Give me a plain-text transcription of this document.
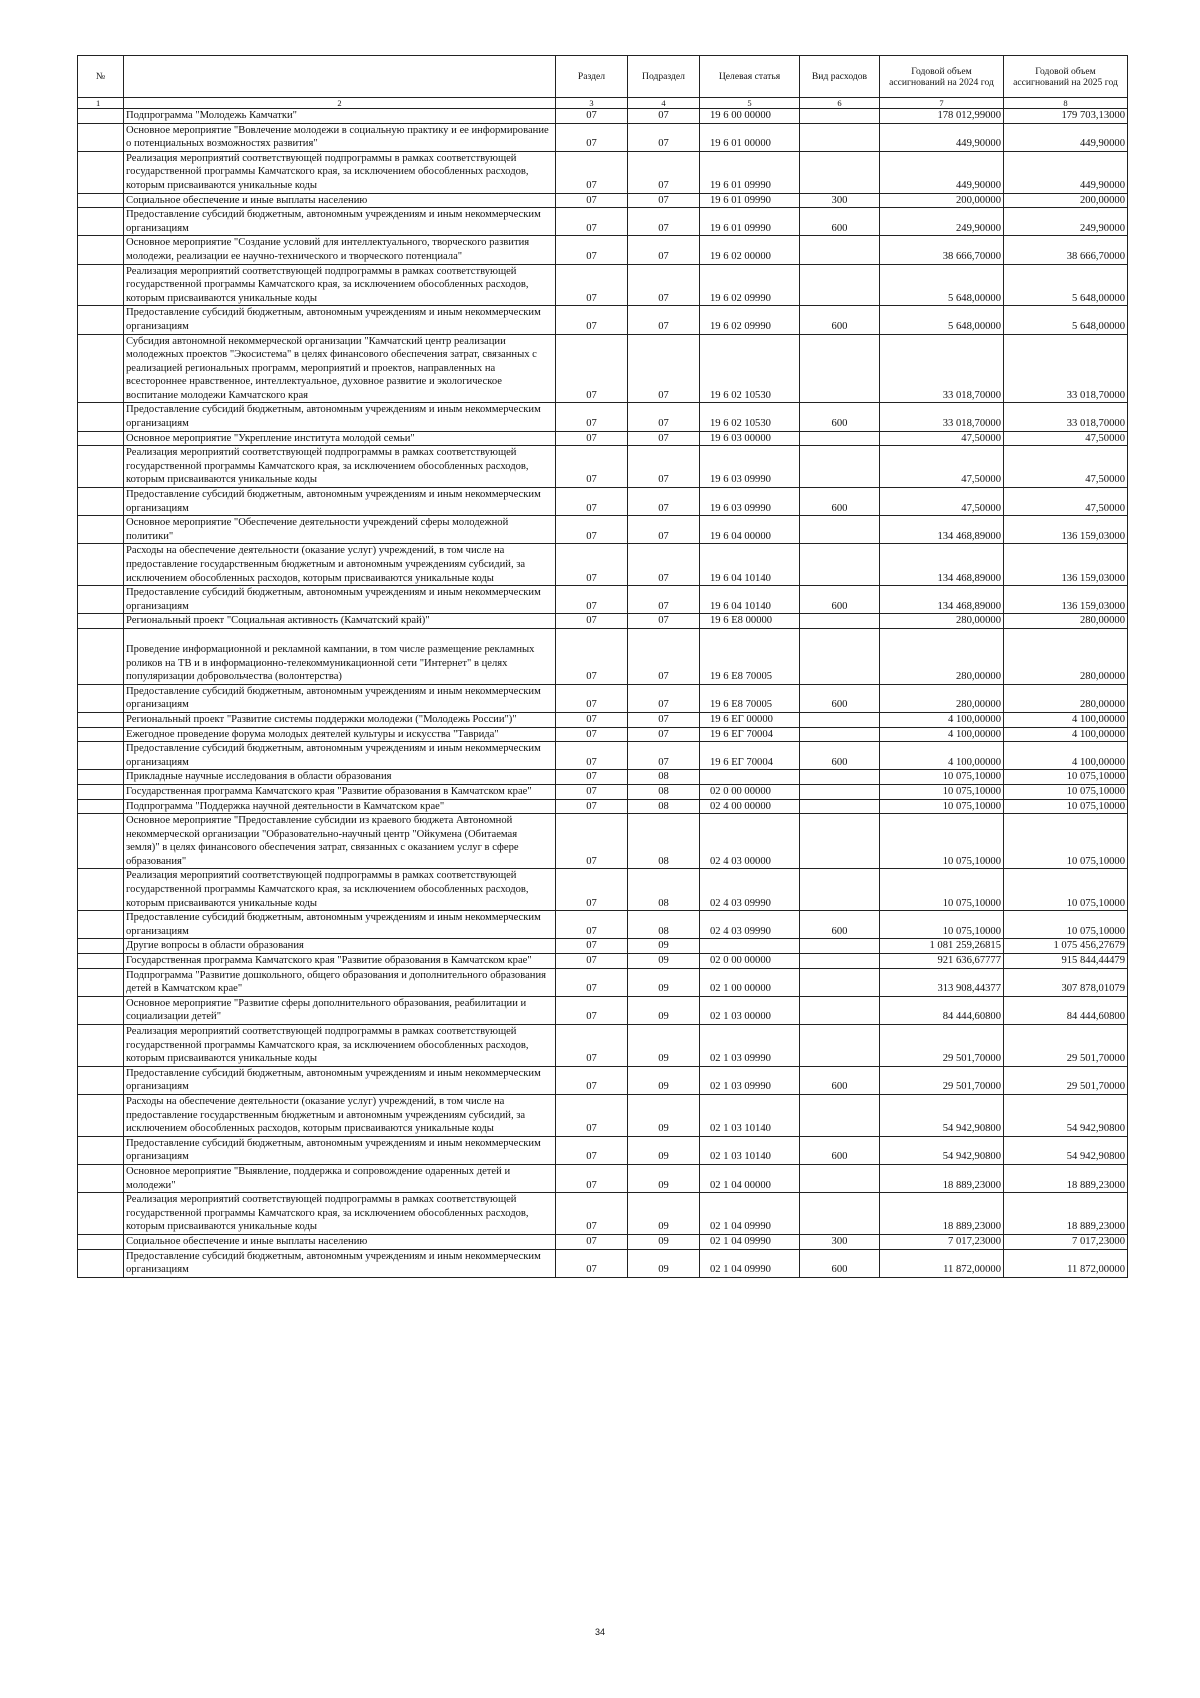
№		Раздел	Подраздел	Целевая статья	Вид расходов	Годовой объем ассигнований на 2024 год	Годовой объем ассигнований на 2025 год
1	2	3	4	5	6	7	8
	Подпрограмма "Молодежь Камчатки"	07	07	19 6 00 00000		178 012,99000	179 703,13000
	Основное мероприятие "Вовлечение молодежи в социальную практику и ее информирование о потенциальных возможностях развития"	07	07	19 6 01 00000		449,90000	449,90000
	Реализация мероприятий соответствующей подпрограммы в рамках соответствующей государственной программы Камчатского края, за исключением обособленных расходов, которым присваиваются уникальные коды	07	07	19 6 01 09990		449,90000	449,90000
	Социальное обеспечение и иные выплаты населению	07	07	19 6 01 09990	300	200,00000	200,00000
	Предоставление субсидий бюджетным, автономным учреждениям и иным некоммерческим организациям	07	07	19 6 01 09990	600	249,90000	249,90000
	Основное мероприятие "Создание условий для интеллектуального, творческого развития молодежи, реализации ее научно-технического и творческого потенциала"	07	07	19 6 02 00000		38 666,70000	38 666,70000
	Реализация мероприятий соответствующей подпрограммы в рамках соответствующей государственной программы Камчатского края, за исключением обособленных расходов, которым присваиваются уникальные коды	07	07	19 6 02 09990		5 648,00000	5 648,00000
	Предоставление субсидий бюджетным, автономным учреждениям и иным некоммерческим организациям	07	07	19 6 02 09990	600	5 648,00000	5 648,00000
	Субсидия автономной некоммерческой организации "Камчатский центр реализации молодежных проектов "Экосистема" в целях финансового обеспечения затрат, связанных с реализацией региональных программ, мероприятий и проектов, направленных на всестороннее нравственное, интеллектуальное, духовное развитие и экологическое воспитание молодежи Камчатского края	07	07	19 6 02 10530		33 018,70000	33 018,70000
	Предоставление субсидий бюджетным, автономным учреждениям и иным некоммерческим организациям	07	07	19 6 02 10530	600	33 018,70000	33 018,70000
	Основное мероприятие "Укрепление института молодой семьи"	07	07	19 6 03 00000		47,50000	47,50000
	Реализация мероприятий соответствующей подпрограммы в рамках соответствующей государственной программы Камчатского края, за исключением обособленных расходов, которым присваиваются уникальные коды	07	07	19 6 03 09990		47,50000	47,50000
	Предоставление субсидий бюджетным, автономным учреждениям и иным некоммерческим организациям	07	07	19 6 03 09990	600	47,50000	47,50000
	Основное мероприятие "Обеспечение деятельности учреждений сферы молодежной политики"	07	07	19 6 04 00000		134 468,89000	136 159,03000
	Расходы на обеспечение деятельности (оказание услуг) учреждений, в том числе на предоставление государственным бюджетным и автономным учреждениям субсидий, за исключением обособленных расходов, которым присваиваются уникальные коды	07	07	19 6 04 10140		134 468,89000	136 159,03000
	Предоставление субсидий бюджетным, автономным учреждениям и иным некоммерческим организациям	07	07	19 6 04 10140	600	134 468,89000	136 159,03000
	Региональный проект "Социальная активность (Камчатский край)"	07	07	19 6 E8 00000		280,00000	280,00000
	Проведение информационной и рекламной кампании, в том числе размещение рекламных роликов на ТВ и в информационно-телекоммуникационной сети "Интернет" в целях популяризации добровольчества (волонтерства)	07	07	19 6 E8 70005		280,00000	280,00000
	Предоставление субсидий бюджетным, автономным учреждениям и иным некоммерческим организациям	07	07	19 6 E8 70005	600	280,00000	280,00000
	Региональный проект "Развитие системы поддержки молодежи ("Молодежь России")"	07	07	19 6 EГ 00000		4 100,00000	4 100,00000
	Ежегодное проведение форума молодых деятелей культуры и искусства "Таврида"	07	07	19 6 EГ 70004		4 100,00000	4 100,00000
	Предоставление субсидий бюджетным, автономным учреждениям и иным некоммерческим организациям	07	07	19 6 EГ 70004	600	4 100,00000	4 100,00000
	Прикладные научные исследования в области образования	07	08			10 075,10000	10 075,10000
	Государственная программа Камчатского края "Развитие образования в Камчатском крае"	07	08	02 0 00 00000		10 075,10000	10 075,10000
	Подпрограмма "Поддержка научной деятельности в Камчатском крае"	07	08	02 4 00 00000		10 075,10000	10 075,10000
	Основное мероприятие "Предоставление субсидии из краевого бюджета Автономной некоммерческой организации "Образовательно-научный центр "Ойкумена (Обитаемая земля)" в целях финансового обеспечения затрат, связанных с оказанием услуг в сфере образования"	07	08	02 4 03 00000		10 075,10000	10 075,10000
	Реализация мероприятий соответствующей подпрограммы в рамках соответствующей государственной программы Камчатского края, за исключением обособленных расходов, которым присваиваются уникальные коды	07	08	02 4 03 09990		10 075,10000	10 075,10000
	Предоставление субсидий бюджетным, автономным учреждениям и иным некоммерческим организациям	07	08	02 4 03 09990	600	10 075,10000	10 075,10000
	Другие вопросы в области образования	07	09			1 081 259,26815	1 075 456,27679
	Государственная программа Камчатского края "Развитие образования в Камчатском крае"	07	09	02 0 00 00000		921 636,67777	915 844,44479
	Подпрограмма "Развитие дошкольного, общего образования и дополнительного образования детей в Камчатском крае"	07	09	02 1 00 00000		313 908,44377	307 878,01079
	Основное мероприятие "Развитие сферы дополнительного образования, реабилитации и социализации детей"	07	09	02 1 03 00000		84 444,60800	84 444,60800
	Реализация мероприятий соответствующей подпрограммы в рамках соответствующей государственной программы Камчатского края, за исключением обособленных расходов, которым присваиваются уникальные коды	07	09	02 1 03 09990		29 501,70000	29 501,70000
	Предоставление субсидий бюджетным, автономным учреждениям и иным некоммерческим организациям	07	09	02 1 03 09990	600	29 501,70000	29 501,70000
	Расходы на обеспечение деятельности (оказание услуг) учреждений, в том числе на предоставление государственным бюджетным и автономным учреждениям субсидий, за исключением обособленных расходов, которым присваиваются уникальные коды	07	09	02 1 03 10140		54 942,90800	54 942,90800
	Предоставление субсидий бюджетным, автономным учреждениям и иным некоммерческим организациям	07	09	02 1 03 10140	600	54 942,90800	54 942,90800
	Основное мероприятие "Выявление, поддержка и сопровождение одаренных детей и молодежи"	07	09	02 1 04 00000		18 889,23000	18 889,23000
	Реализация мероприятий соответствующей подпрограммы в рамках соответствующей государственной программы Камчатского края, за исключением обособленных расходов, которым присваиваются уникальные коды	07	09	02 1 04 09990		18 889,23000	18 889,23000
	Социальное обеспечение и иные выплаты населению	07	09	02 1 04 09990	300	7 017,23000	7 017,23000
	Предоставление субсидий бюджетным, автономным учреждениям и иным некоммерческим организациям	07	09	02 1 04 09990	600	11 872,00000	11 872,00000
34
